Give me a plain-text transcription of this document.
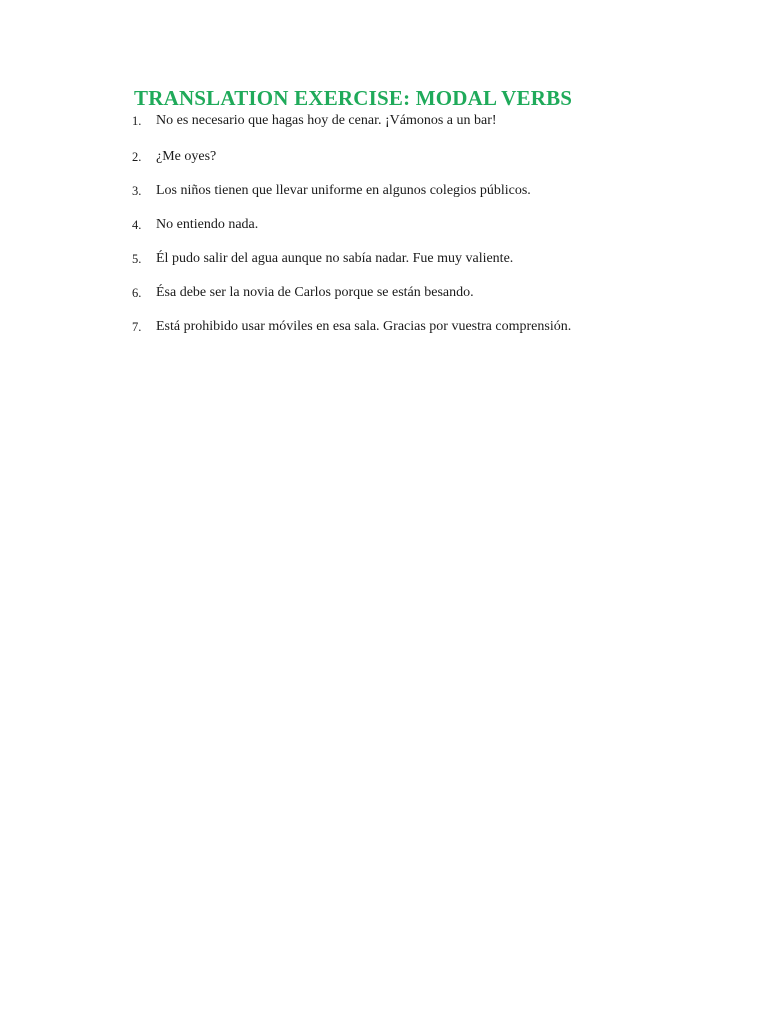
TRANSLATION EXERCISE: MODAL VERBS
1. No es necesario que hagas hoy de cenar. ¡Vámonos a un bar!
2. ¿Me oyes?
3. Los niños tienen que llevar uniforme en algunos colegios públicos.
4. No entiendo nada.
5. Él pudo salir del agua aunque no sabía nadar. Fue muy valiente.
6. Ésa debe ser la novia de Carlos porque se están besando.
7. Está prohibido usar móviles en esa sala. Gracias por vuestra comprensión.
